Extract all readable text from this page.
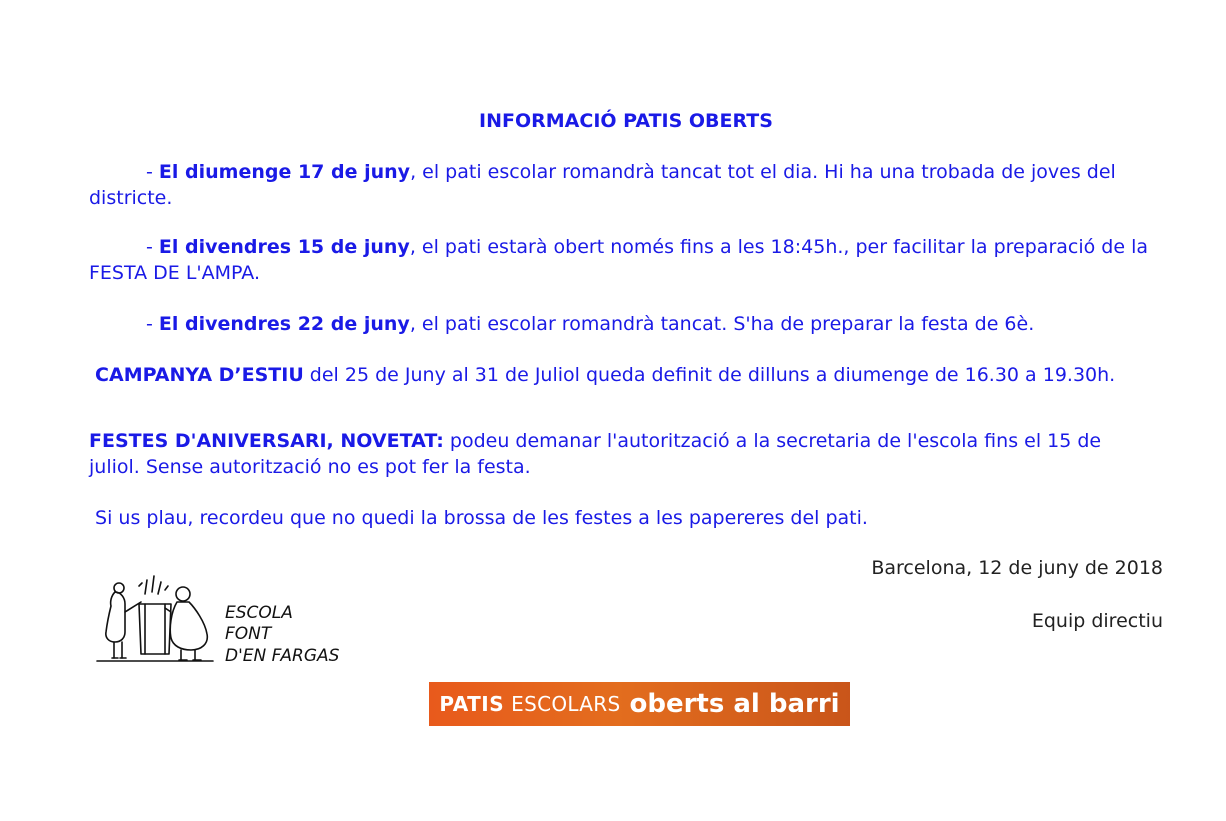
INFORMACIÓ PATIS OBERTS
- El diumenge 17 de juny, el pati escolar romandrà tancat tot el dia. Hi ha una trobada de joves del districte.
- El divendres 15 de juny, el pati estarà obert només fins a les 18:45h., per facilitar la preparació de la FESTA DE L'AMPA.
- El divendres 22 de juny, el pati escolar romandrà tancat. S'ha de preparar la festa de 6è.
CAMPANYA D’ESTIU del 25 de Juny al 31 de Juliol queda definit de dilluns a diumenge de 16.30 a 19.30h.
FESTES D'ANIVERSARI, NOVETAT: podeu demanar l'autorització a la secretaria de l'escola fins el 15 de juliol. Sense autorització no es pot fer la festa.
Si us plau, recordeu que no quedi la brossa de les festes a les papereres del pati.
Barcelona, 12 de juny de 2018
Equip directiu
ESCOLA
FONT
D'EN FARGAS
PATIS ESCOLARS oberts al barri
